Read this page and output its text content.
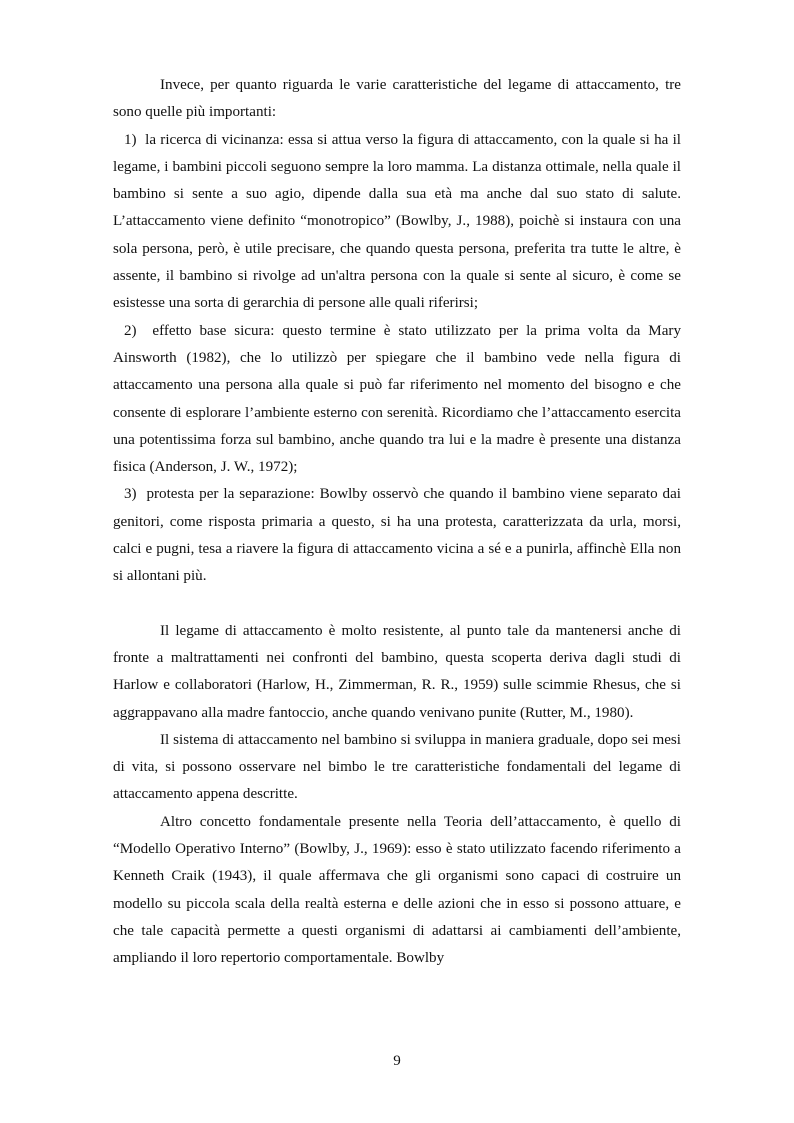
Invece, per quanto riguarda le varie caratteristiche del legame di attaccamento, tre sono quelle più importanti:

1)  la ricerca di vicinanza: essa si attua verso la figura di attaccamento, con la quale si ha il legame, i bambini piccoli seguono sempre la loro mamma. La distanza ottimale, nella quale il bambino si sente a suo agio, dipende dalla sua età ma anche dal suo stato di salute. L’attaccamento viene definito “monotropico” (Bowlby, J., 1988), poichè si instaura con una sola persona, però, è utile precisare, che quando questa persona, preferita tra tutte le altre, è assente, il bambino si rivolge ad un'altra persona con la quale si sente al sicuro, è come se esistesse una sorta di gerarchia di persone alle quali riferirsi;

2)  effetto base sicura: questo termine è stato utilizzato per la prima volta da Mary Ainsworth (1982), che lo utilizzò per spiegare che il bambino vede nella figura di attaccamento una persona alla quale si può far riferimento nel momento del bisogno e che consente di esplorare l’ambiente esterno con serenità. Ricordiamo che l’attaccamento esercita una potentissima forza sul bambino, anche quando tra lui e la madre è presente una distanza fisica (Anderson, J. W., 1972);

3)  protesta per la separazione: Bowlby osservò che quando il bambino viene separato dai genitori, come risposta primaria a questo, si ha una protesta, caratterizzata da urla, morsi, calci e pugni, tesa a riavere la figura di attaccamento vicina a sé e a punirla, affinchè Ella non si allontani più.

Il legame di attaccamento è molto resistente, al punto tale da mantenersi anche di fronte a maltrattamenti nei confronti del bambino, questa scoperta deriva dagli studi di Harlow e collaboratori (Harlow, H., Zimmerman, R. R., 1959) sulle scimmie Rhesus, che si aggrappavano alla madre fantoccio, anche quando venivano punite (Rutter, M., 1980).

Il sistema di attaccamento nel bambino si sviluppa in maniera graduale, dopo sei mesi di vita, si possono osservare nel bimbo le tre caratteristiche fondamentali del legame di attaccamento appena descritte.

Altro concetto fondamentale presente nella Teoria dell’attaccamento, è quello di “Modello Operativo Interno” (Bowlby, J., 1969): esso è stato utilizzato facendo riferimento a Kenneth Craik (1943), il quale affermava che gli organismi sono capaci di costruire un modello su piccola scala della realtà esterna e delle azioni che in esso si possono attuare, e che tale capacità permette a questi organismi di adattarsi ai cambiamenti dell’ambiente, ampliando il loro repertorio comportamentale. Bowlby

9
